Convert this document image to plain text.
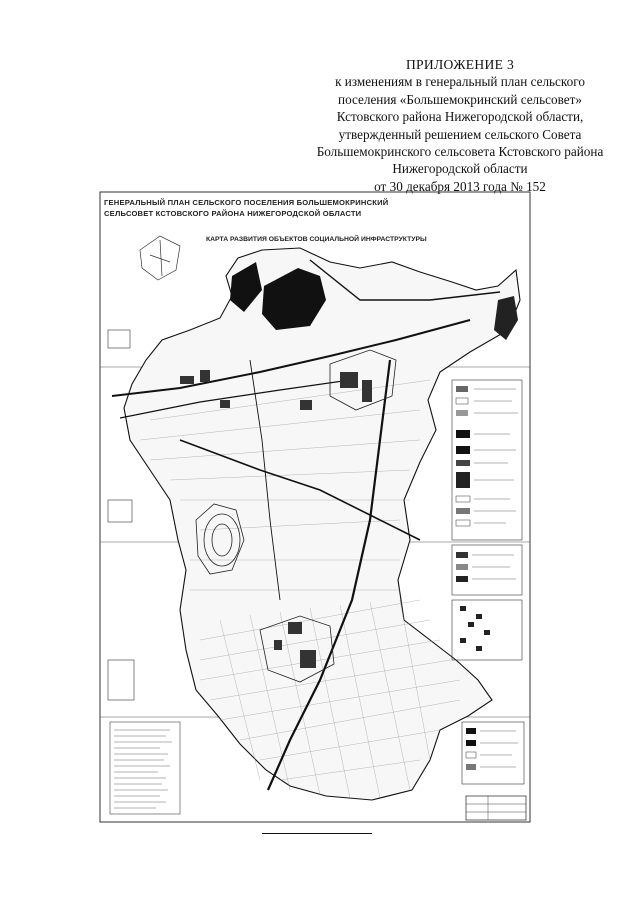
ПРИЛОЖЕНИЕ 3
к изменениям в генеральный план сельского
поселения «Большемокринский сельсовет»
Кстовского района Нижегородской области,
утвержденный решением сельского Совета
Большемокринского сельсовета Кстовского района
Нижегородской области
от 30 декабря 2013 года № 152
ГЕНЕРАЛЬНЫЙ ПЛАН СЕЛЬСКОГО ПОСЕЛЕНИЯ БОЛЬШЕМОКРИНСКИЙ
СЕЛЬСОВЕТ КСТОВСКОГО РАЙОНА НИЖЕГОРОДСКОЙ ОБЛАСТИ
КАРТА РАЗВИТИЯ ОБЪЕКТОВ СОЦИАЛЬНОЙ ИНФРАСТРУКТУРЫ
